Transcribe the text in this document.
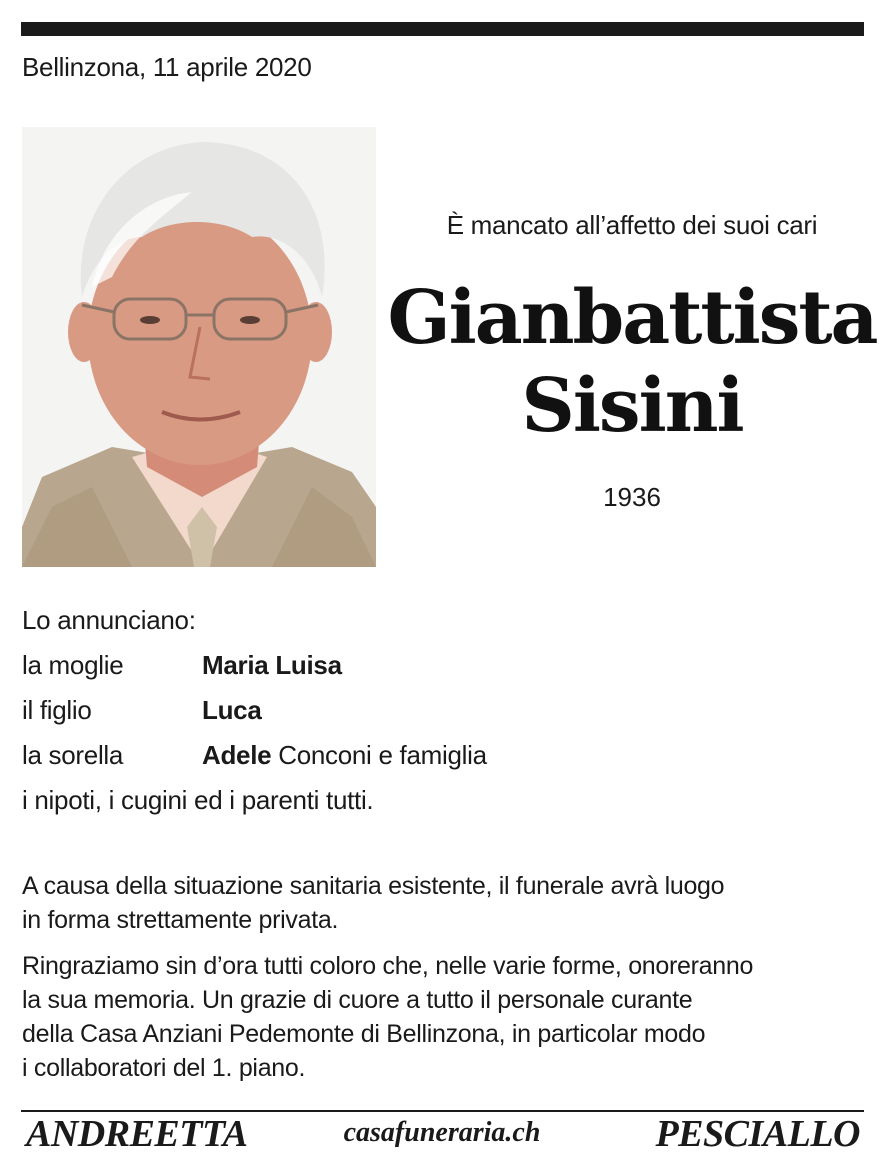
Bellinzona, 11 aprile 2020
È mancato all’affetto dei suoi cari
Gianbattista
Sisini
1936
Lo annunciano:
la moglie	Maria Luisa
il figlio	Luca
la sorella	Adele Conconi e famiglia
i nipoti, i cugini ed i parenti tutti.
A causa della situazione sanitaria esistente, il funerale avrà luogo
in forma strettamente privata.
Ringraziamo sin d’ora tutti coloro che, nelle varie forme, onoreranno
la sua memoria. Un grazie di cuore a tutto il personale curante
della Casa Anziani Pedemonte di Bellinzona, in particolar modo
i collaboratori del 1. piano.
ANDREETTA	casafuneraria.ch	PESCIALLO
